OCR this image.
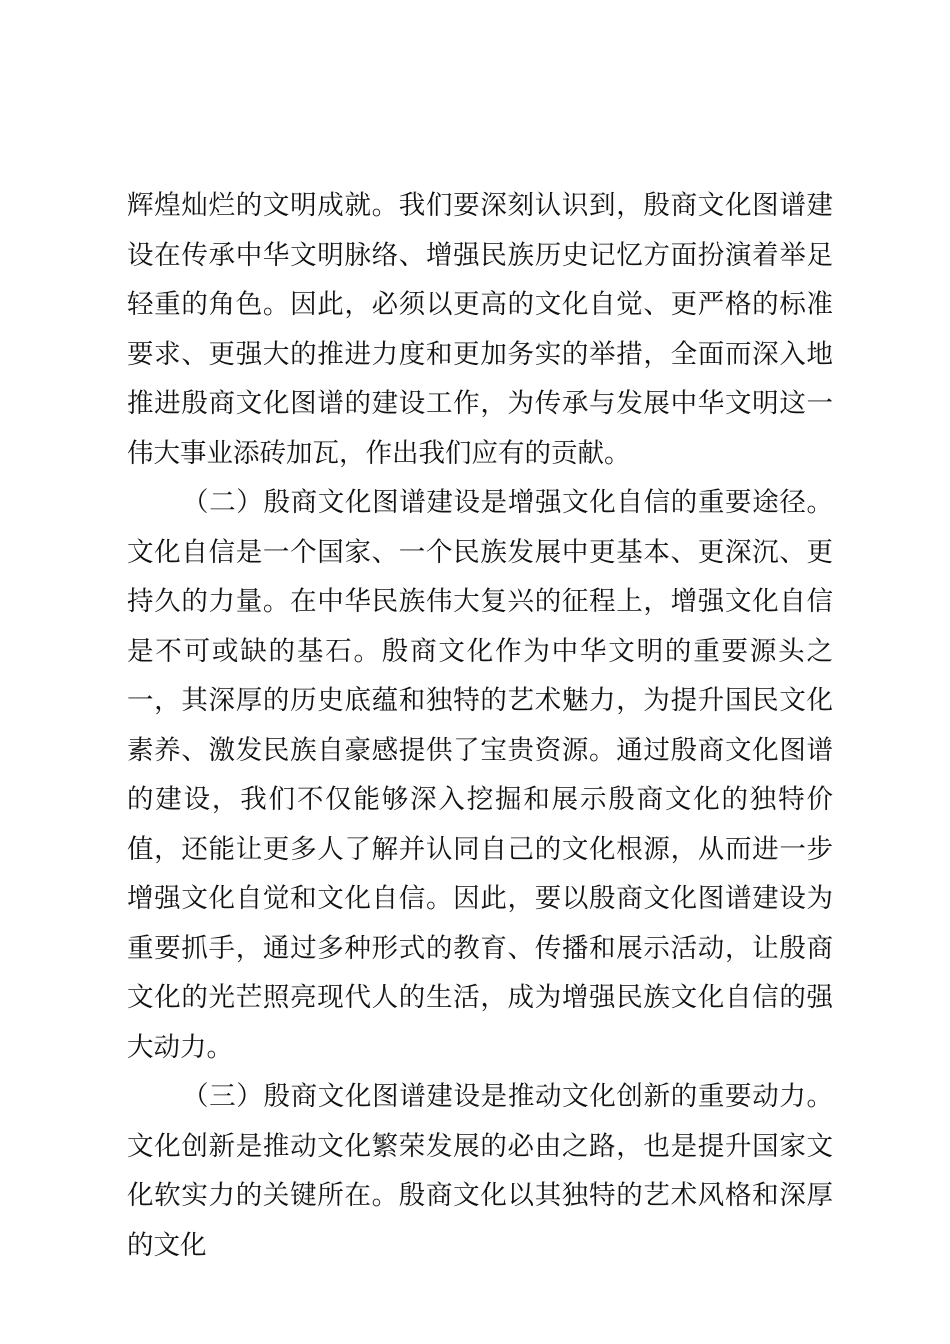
辉煌灿烂的文明成就。我们要深刻认识到，殷商文化图谱建设在传承中华文明脉络、增强民族历史记忆方面扮演着举足轻重的角色。因此，必须以更高的文化自觉、更严格的标准要求、更强大的推进力度和更加务实的举措，全面而深入地推进殷商文化图谱的建设工作，为传承与发展中华文明这一伟大事业添砖加瓦，作出我们应有的贡献。

（二）殷商文化图谱建设是增强文化自信的重要途径。文化自信是一个国家、一个民族发展中更基本、更深沉、更持久的力量。在中华民族伟大复兴的征程上，增强文化自信是不可或缺的基石。殷商文化作为中华文明的重要源头之一，其深厚的历史底蕴和独特的艺术魅力，为提升国民文化素养、激发民族自豪感提供了宝贵资源。通过殷商文化图谱的建设，我们不仅能够深入挖掘和展示殷商文化的独特价值，还能让更多人了解并认同自己的文化根源，从而进一步增强文化自觉和文化自信。因此，要以殷商文化图谱建设为重要抓手，通过多种形式的教育、传播和展示活动，让殷商文化的光芒照亮现代人的生活，成为增强民族文化自信的强大动力。

（三）殷商文化图谱建设是推动文化创新的重要动力。文化创新是推动文化繁荣发展的必由之路，也是提升国家文化软实力的关键所在。殷商文化以其独特的艺术风格和深厚的文化
